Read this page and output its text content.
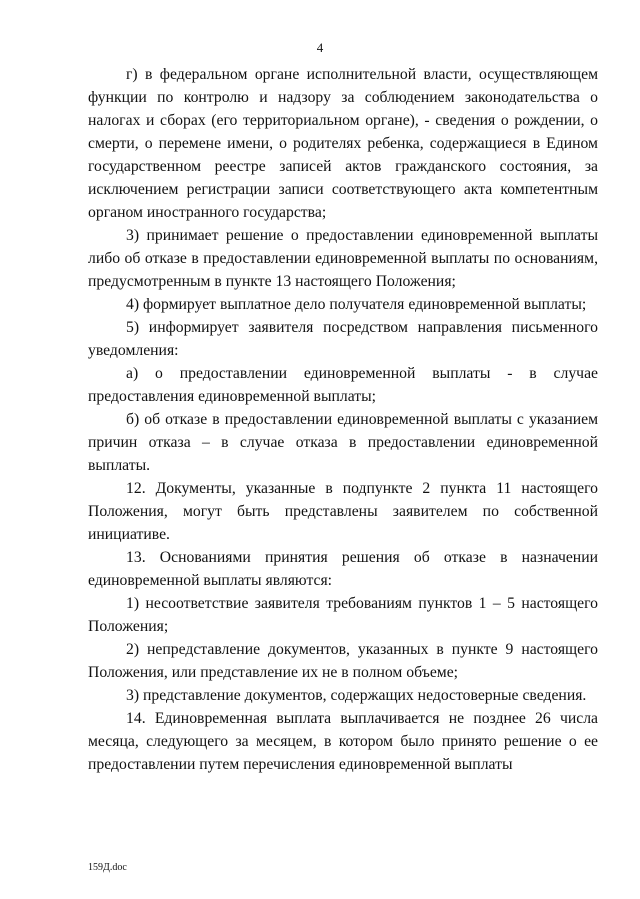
4

г) в федеральном органе исполнительной власти, осуществляющем функции по контролю и надзору за соблюдением законодательства о налогах и сборах (его территориальном органе), - сведения о рождении, о смерти, о перемене имени, о родителях ребенка, содержащиеся в Едином государственном реестре записей актов гражданского состояния, за исключением регистрации записи соответствующего акта компетентным органом иностранного государства;

3) принимает решение о предоставлении единовременной выплаты либо об отказе в предоставлении единовременной выплаты по основаниям, предусмотренным в пункте 13 настоящего Положения;

4) формирует выплатное дело получателя единовременной выплаты;

5) информирует заявителя посредством направления письменного уведомления:

а) о предоставлении единовременной выплаты - в случае предоставления единовременной выплаты;

б) об отказе в предоставлении единовременной выплаты с указанием причин отказа – в случае отказа в предоставлении единовременной выплаты.

12. Документы, указанные в подпункте 2 пункта 11 настоящего Положения, могут быть представлены заявителем по собственной инициативе.

13. Основаниями принятия решения об отказе в назначении единовременной выплаты являются:

1) несоответствие заявителя требованиям пунктов 1 – 5 настоящего Положения;

2) непредставление документов, указанных в пункте 9 настоящего Положения, или представление их не в полном объеме;

3) представление документов, содержащих недостоверные сведения.

14. Единовременная выплата выплачивается не позднее 26 числа месяца, следующего за месяцем, в котором было принято решение о ее предоставлении путем перечисления единовременной выплаты

159Д.doc
